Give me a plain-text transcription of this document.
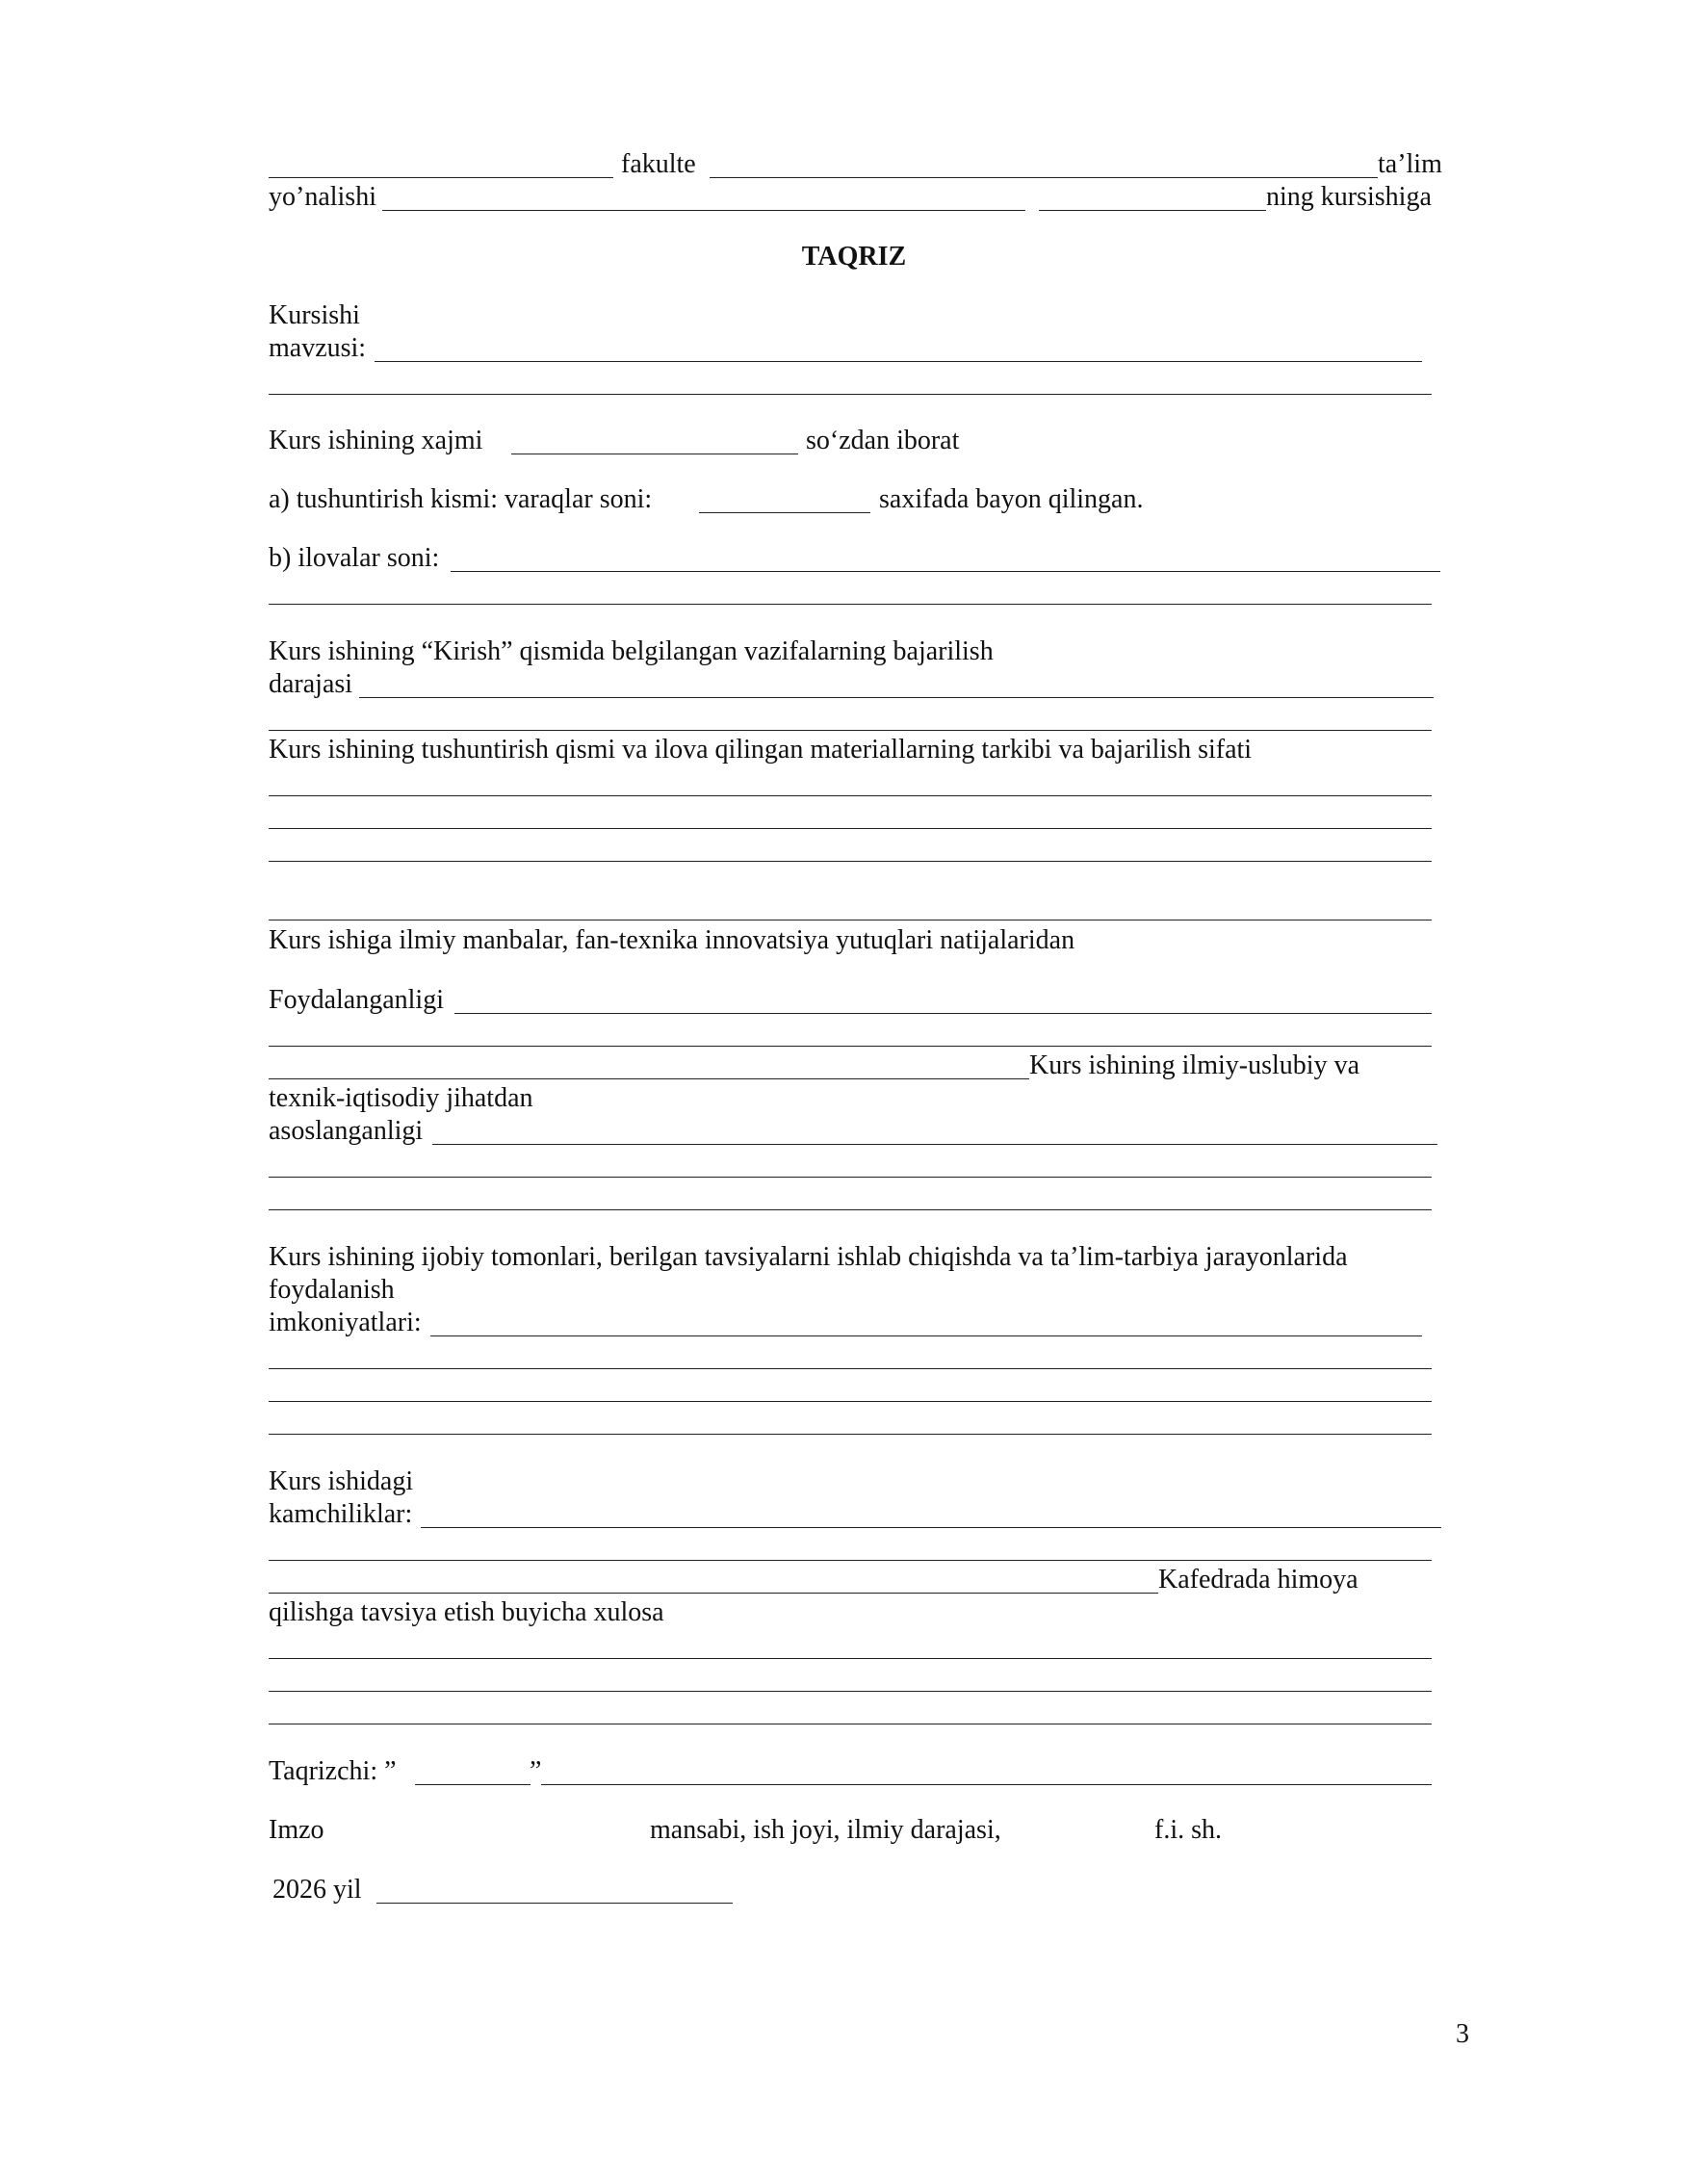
fakulte	ta’lim
yo’nalishi	ning kursishiga
TAQRIZ
Kursishi
mavzusi:
Kurs ishining xajmi	so‘zdan iborat
a) tushuntirish kismi: varaqlar soni:	saxifada bayon qilingan.
b) ilovalar soni:
Kurs ishining “Kirish” qismida belgilangan vazifalarning bajarilish
darajasi
Kurs ishining tushuntirish qismi va ilova qilingan materiallarning tarkibi va bajarilish sifati
Kurs ishiga ilmiy manbalar, fan-texnika innovatsiya yutuqlari natijalaridan
Foydalanganligi
Kurs ishining ilmiy-uslubiy va
texnik-iqtisodiy jihatdan
asoslanganligi
Kurs ishining ijobiy tomonlari, berilgan tavsiyalarni ishlab chiqishda va ta’lim-tarbiya jarayonlarida
foydalanish
imkoniyatlari:
Kurs ishidagi
kamchiliklar:
Kafedrada himoya
qilishga tavsiya etish buyicha xulosa
Taqrizchi: ”	”
Imzo	mansabi, ish joyi, ilmiy darajasi,	f.i. sh.
2026 yil
3
